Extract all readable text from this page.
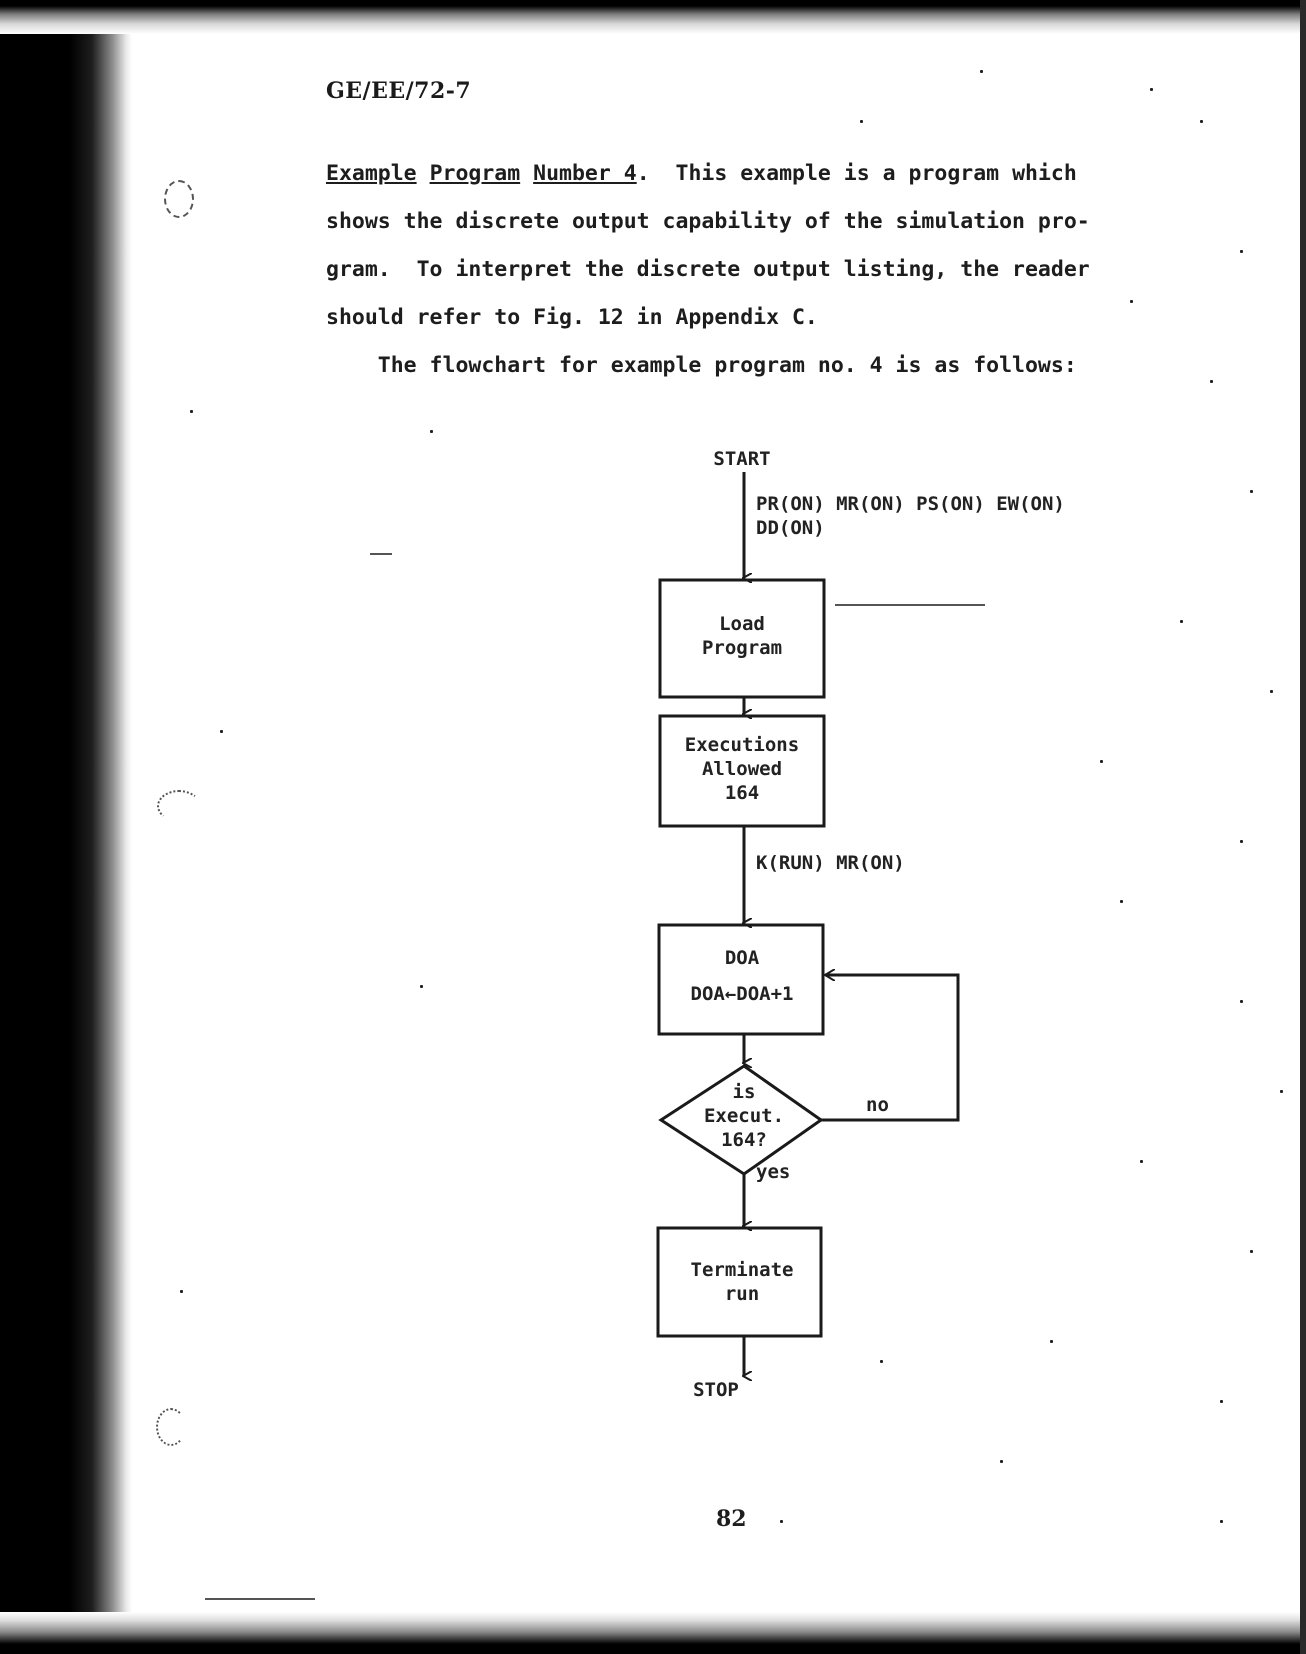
GE/EE/72-7
Example Program Number 4.  This example is a program which
shows the discrete output capability of the simulation pro-
gram.  To interpret the discrete output listing, the reader
should refer to Fig. 12 in Appendix C.
The flowchart for example program no. 4 is as follows:
START
PR(ON) MR(ON) PS(ON) EW(ON)
DD(ON)
Load
Program
Executions
Allowed
164
K(RUN) MR(ON)
DOA
DOA←DOA+1
is
Execut.
164?
no
yes
Terminate
run
STOP
82
